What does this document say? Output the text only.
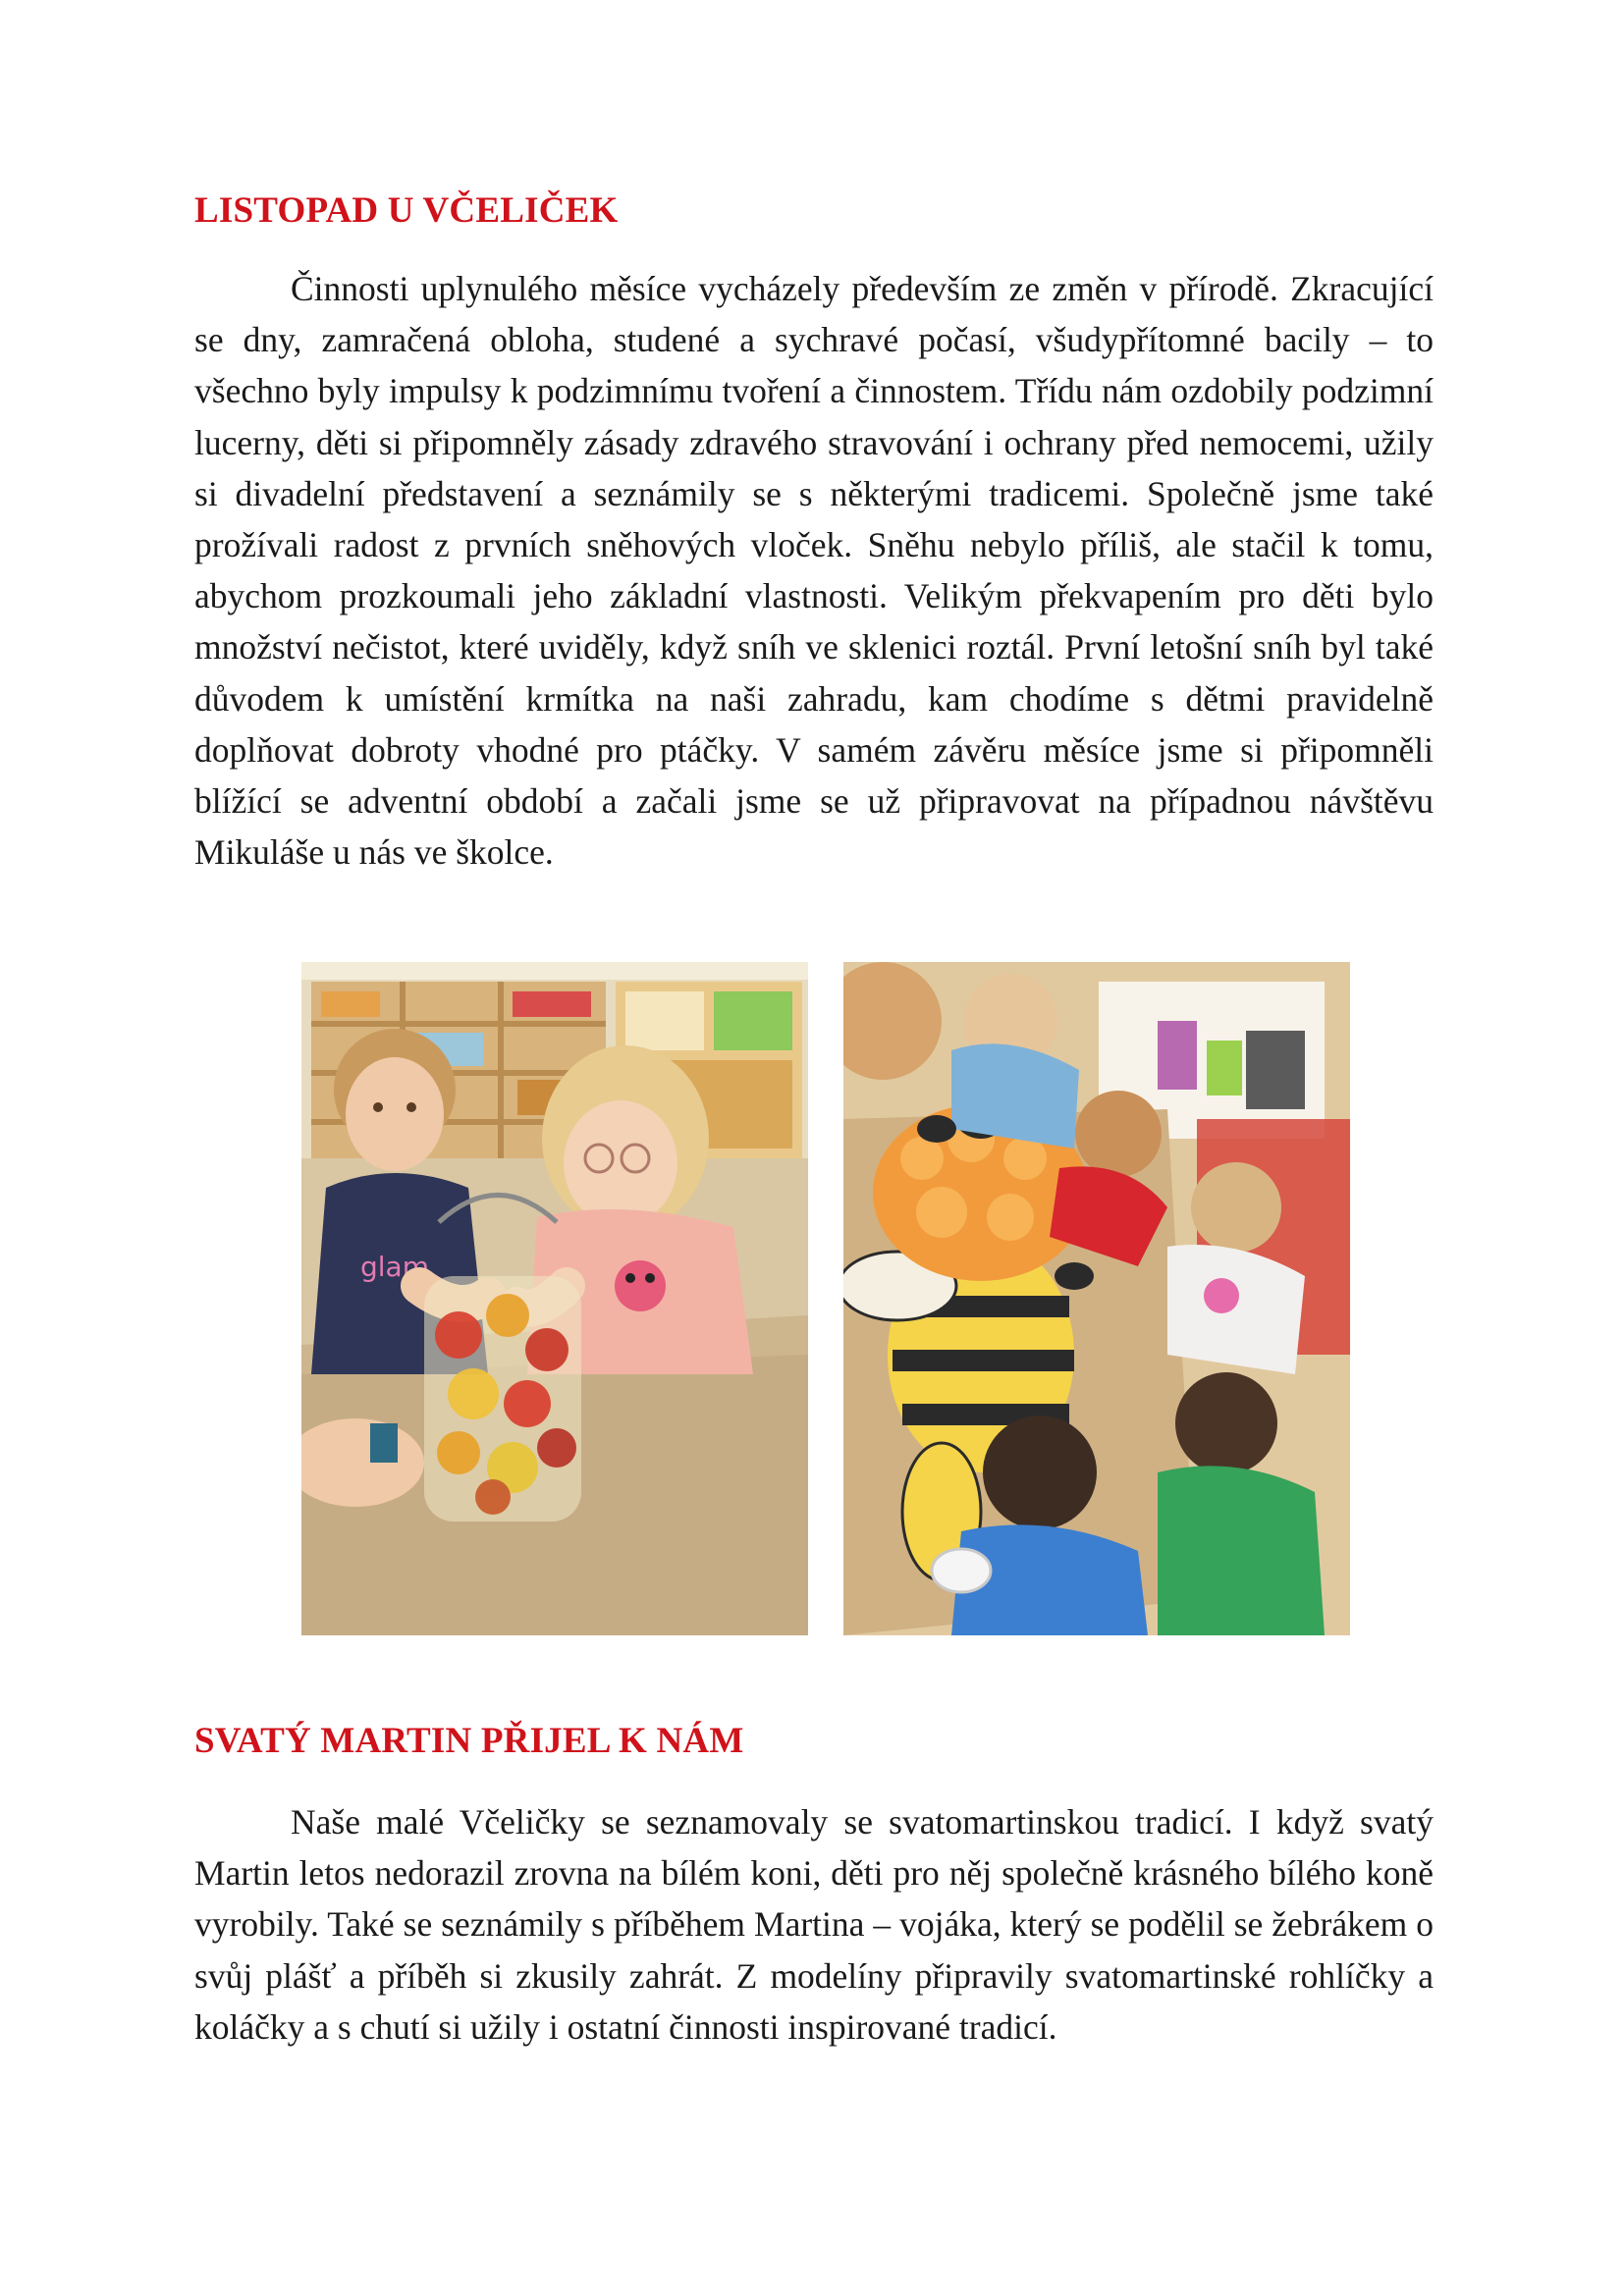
LISTOPAD U VČELIČEK

Činnosti uplynulého měsíce vycházely především ze změn v přírodě. Zkracující se dny, zamračená obloha, studené a sychravé počasí, všudypřítomné bacily – to všechno byly impulsy k podzimnímu tvoření a činnostem. Třídu nám ozdobily podzimní lucerny, děti si připomněly zásady zdravého stravování i ochrany před nemocemi, užily si divadelní představení a seznámily se s některými tradicemi. Společně jsme také prožívali radost z prvních sněhových vloček. Sněhu nebylo příliš, ale stačil k tomu, abychom prozkoumali jeho základní vlastnosti. Velikým překvapením pro děti bylo množství nečistot, které uviděly, když sníh ve sklenici roztál. První letošní sníh byl také důvodem k umístění krmítka na naši zahradu, kam chodíme s dětmi pravidelně doplňovat dobroty vhodné pro ptáčky. V samém závěru měsíce jsme si připomněli blížící se adventní období a začali jsme se už připravovat na případnou návštěvu Mikuláše u nás ve školce.

glam
SVATÝ MARTIN PŘIJEL K NÁM

Naše malé Včeličky se seznamovaly se svatomartinskou tradicí. I když svatý Martin letos nedorazil zrovna na bílém koni, děti pro něj společně krásného bílého koně vyrobily. Také se seznámily s příběhem Martina – vojáka, který se podělil se žebrákem o svůj plášť a příběh si zkusily zahrát. Z modelíny připravily svatomartinské rohlíčky a koláčky a s chutí si užily i ostatní činnosti inspirované tradicí.
